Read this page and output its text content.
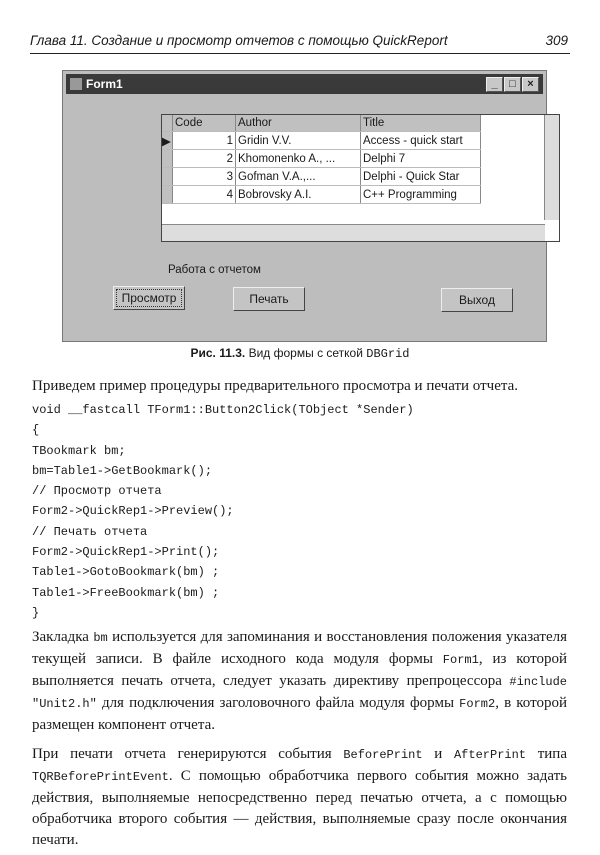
Глава 11. Создание и просмотр отчетов с помощью QuickReport	309
Form1	_	□	×
	Code	Author	Title
▶	1	Gridin V.V.	Access - quick start
	2	Khomonenko A., ...	Delphi 7
	3	Gofman V.A.,...	Delphi - Quick Star
	4	Bobrovsky A.I.	C++ Programming
Работа с отчетом
Просмотр	Печать	Выход
Рис. 11.3. Вид формы с сеткой DBGrid

Приведем пример процедуры предварительного просмотра и печати отчета.

void __fastcall TForm1::Button2Click(TObject *Sender)
{
TBookmark bm;
bm=Table1->GetBookmark();
// Просмотр отчета
Form2->QuickRep1->Preview();
// Печать отчета
Form2->QuickRep1->Print();
Table1->GotoBookmark(bm) ;
Table1->FreeBookmark(bm) ;
}

Закладка bm используется для запоминания и восстановления положения указателя текущей записи. В файле исходного кода модуля формы Form1, из которой выполняется печать отчета, следует указать директиву препроцессора #include "Unit2.h" для подключения заголовочного файла модуля формы Form2, в которой размещен компонент отчета.

При печати отчета генерируются события BeforePrint и AfterPrint типа TQRBeforePrintEvent. С помощью обработчика первого события можно задать действия, выполняемые непосредственно перед печатью отчета, а с помощью обработчика второго события — действия, выполняемые сразу после окончания печати.
